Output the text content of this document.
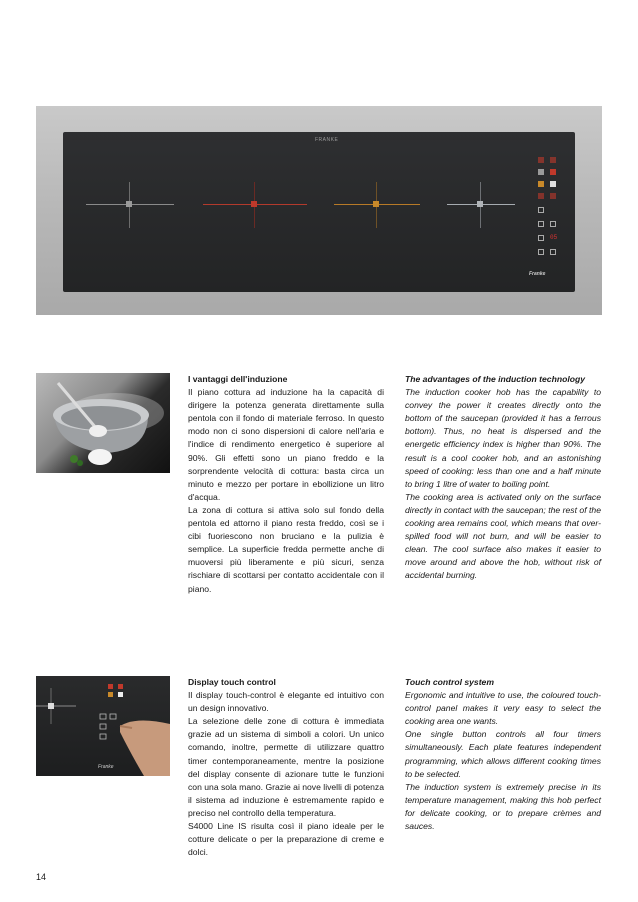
FRANKE
05
Franke
I vantaggi dell'induzione

Il piano cottura ad induzione ha la capacità di dirigere la potenza generata direttamente sulla pentola con il fondo di materiale ferroso. In questo modo non ci sono dispersioni di calore nell'aria e l'indice di rendimento energetico è superiore al 90%. Gli effetti sono un piano freddo e la sorprendente velocità di cottura: basta circa un minuto e mezzo per portare in ebollizione un litro d'acqua.

La zona di cottura si attiva solo sul fondo della pentola ed attorno il piano resta freddo, così se i cibi fuoriescono non bruciano e la pulizia è semplice. La superficie fredda permette anche di muoversi più liberamente e più sicuri, senza rischiare di scottarsi per contatto accidentale con il piano.

The advantages of the induction technology

The induction cooker hob has the capability to convey the power it creates directly onto the bottom of the saucepan (provided it has a ferrous bottom). Thus, no heat is dispersed and the energetic efficiency index is higher than 90%. The result is a cool cooker hob, and an astonishing speed of cooking: less than one and a half minute to bring 1 litre of water to boiling point.

The cooking area is activated only on the surface directly in contact with the saucepan; the rest of the cooking area remains cool, which means that over-spilled food will not burn, and will be easier to clean. The cool surface also makes it easier to move around and above the hob, without risk of accidental burning.

Franke
Display touch control

Il display touch-control è elegante ed intuitivo con un design innovativo.

La selezione delle zone di cottura è immediata grazie ad un sistema di simboli a colori. Un unico comando, inoltre, permette di utilizzare quattro timer contemporaneamente, mentre la posizione del display consente di azionare tutte le funzioni con una sola mano. Grazie ai nove livelli di potenza il sistema ad induzione è estremamente rapido e preciso nel controllo della temperatura.

S4000 Line IS risulta così il piano ideale per le cotture delicate o per la preparazione di creme e dolci.

Touch control system

Ergonomic and intuitive to use, the coloured touch-control panel makes it very easy to select the cooking area one wants.

One single button controls all four timers simultaneously. Each plate features independent programming, which allows different cooking times to be selected.

The induction system is extremely precise in its temperature management, making this hob perfect for delicate cooking, or to prepare crèmes and sauces.

14
